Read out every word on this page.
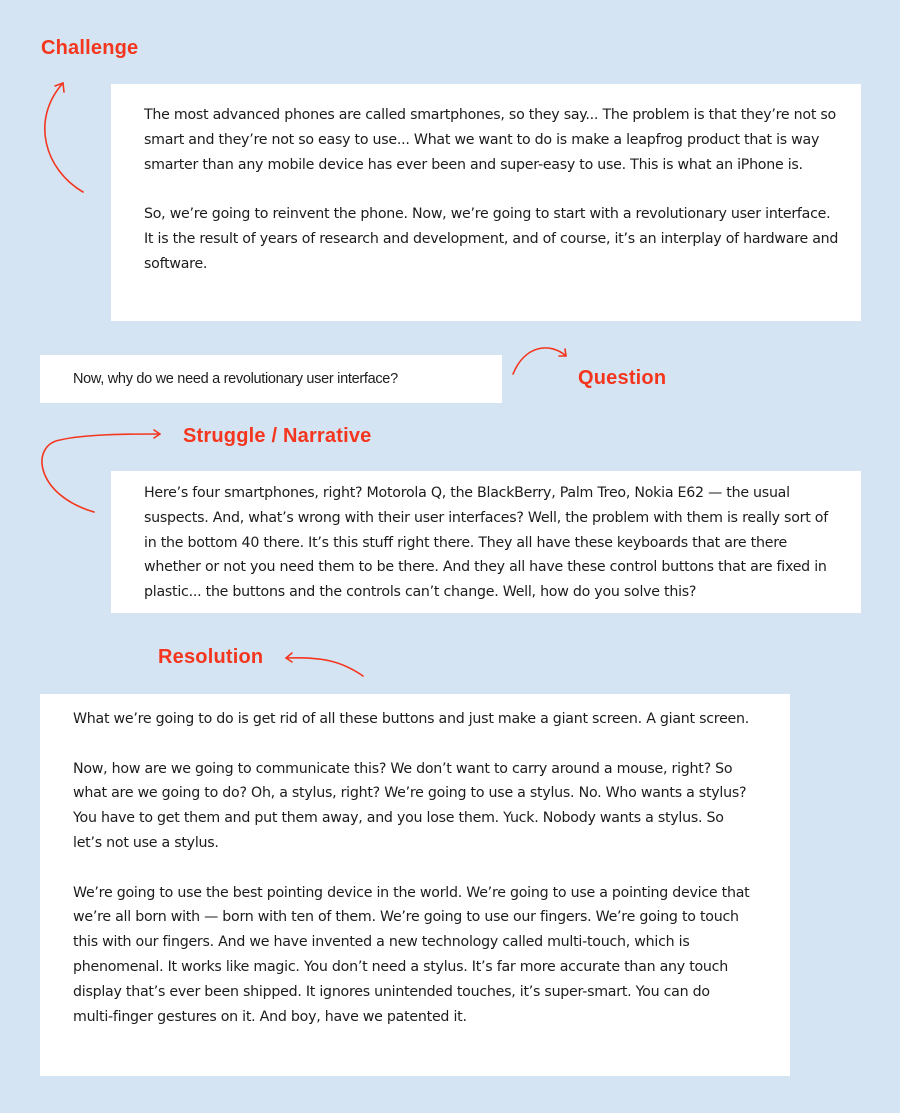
Challenge
Question
Struggle / Narrative
Resolution

The most advanced phones are called smartphones, so they say... The problem is that they’re not so smart and they’re not so easy to use... What we want to do is make a leapfrog product that is way smarter than any mobile device has ever been and super-easy to use. This is what an iPhone is.

So, we’re going to reinvent the phone. Now, we’re going to start with a revolutionary user interface. It is the result of years of research and development, and of course, it’s an interplay of hardware and software.

Now, why do we need a revolutionary user interface?

Here’s four smartphones, right? Motorola Q, the BlackBerry, Palm Treo, Nokia E62 — the usual suspects. And, what’s wrong with their user interfaces? Well, the problem with them is really sort of in the bottom 40 there. It’s this stuff right there. They all have these keyboards that are there whether or not you need them to be there. And they all have these control buttons that are fixed in plastic... the buttons and the controls can’t change. Well, how do you solve this?

What we’re going to do is get rid of all these buttons and just make a giant screen. A giant screen.

Now, how are we going to communicate this? We don’t want to carry around a mouse, right? So what are we going to do? Oh, a stylus, right? We’re going to use a stylus. No. Who wants a stylus? You have to get them and put them away, and you lose them. Yuck. Nobody wants a stylus. So let’s not use a stylus.

We’re going to use the best pointing device in the world. We’re going to use a pointing device that we’re all born with — born with ten of them. We’re going to use our fingers. We’re going to touch this with our fingers. And we have invented a new technology called multi-touch, which is phenomenal. It works like magic. You don’t need a stylus. It’s far more accurate than any touch display that’s ever been shipped. It ignores unintended touches, it’s super-smart. You can do multi-finger gestures on it. And boy, have we patented it.
